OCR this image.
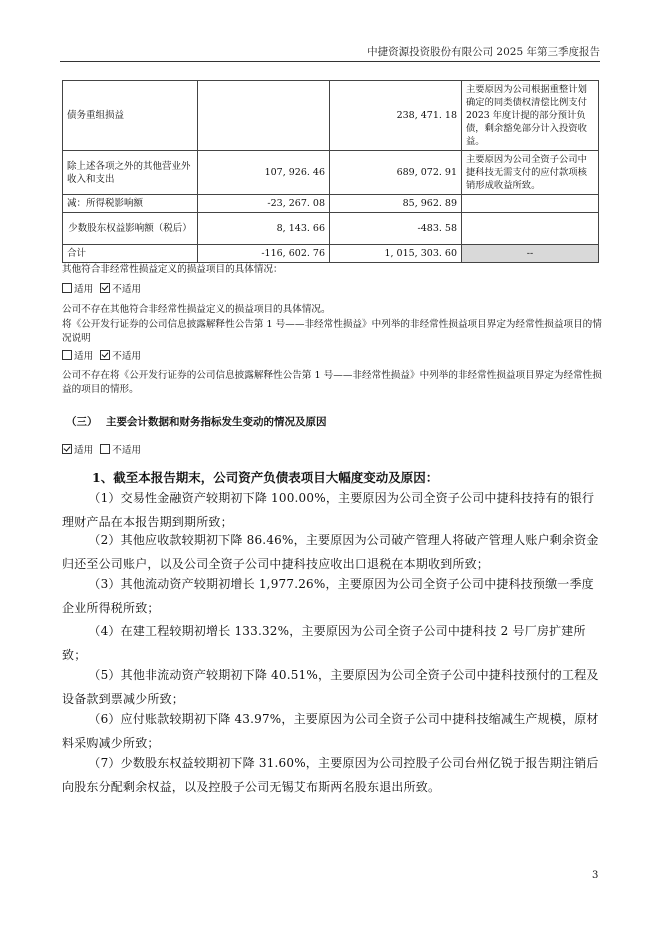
中捷资源投资股份有限公司 2025 年第三季度报告
债务重组损益		238, 471. 18	主要原因为公司根据重整计划确定的同类债权清偿比例支付 2023 年度计提的部分预计负债，剩余豁免部分计入投资收益。
除上述各项之外的其他营业外收入和支出	107, 926. 46	689, 072. 91	主要原因为公司全资子公司中捷科技无需支付的应付款项核销形成收益所致。
减：所得税影响额	-23, 267. 08	85, 962. 89	
少数股东权益影响额（税后）	8, 143. 66	-483. 58	
合计	-116, 602. 76	1, 015, 303. 60	--
其他符合非经常性损益定义的损益项目的具体情况：
适用 不适用
公司不存在其他符合非经常性损益定义的损益项目的具体情况。
将《公开发行证券的公司信息披露解释性公告第 1 号——非经常性损益》中列举的非经常性损益项目界定为经常性损益项目的情况说明
适用 不适用
公司不存在将《公开发行证券的公司信息披露解释性公告第 1 号——非经常性损益》中列举的非经常性损益项目界定为经常性损益的项目的情形。
（三） 主要会计数据和财务指标发生变动的情况及原因
适用 不适用
1、截至本报告期末，公司资产负债表项目大幅度变动及原因：
（1）交易性金融资产较期初下降 100.00%，主要原因为公司全资子公司中捷科技持有的银行理财产品在本报告期到期所致；
（2）其他应收款较期初下降 86.46%，主要原因为公司破产管理人将破产管理人账户剩余资金归还至公司账户，以及公司全资子公司中捷科技应收出口退税在本期收到所致；
（3）其他流动资产较期初增长 1,977.26%，主要原因为公司全资子公司中捷科技预缴一季度企业所得税所致；
（4）在建工程较期初增长 133.32%，主要原因为公司全资子公司中捷科技 2 号厂房扩建所致；
（5）其他非流动资产较期初下降 40.51%，主要原因为公司全资子公司中捷科技预付的工程及设备款到票减少所致；
（6）应付账款较期初下降 43.97%，主要原因为公司全资子公司中捷科技缩减生产规模，原材料采购减少所致；
（7）少数股东权益较期初下降 31.60%，主要原因为公司控股子公司台州亿锐于报告期注销后向股东分配剩余权益，以及控股子公司无锡艾布斯两名股东退出所致。
3
